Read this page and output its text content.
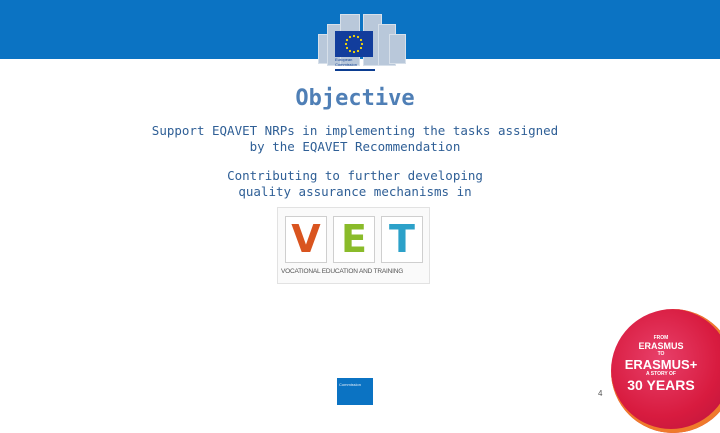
European
Commission
Objective
Support EQAVET NRPs in implementing the tasks assigned
by the EQAVET Recommendation
Contributing to further developing
quality assurance mechanisms in
V E T
VOCATIONAL EDUCATION AND TRAINING
Commission
4
FROM
ERASMUS
TO
ERASMUS+
A STORY OF
30 YEARS
